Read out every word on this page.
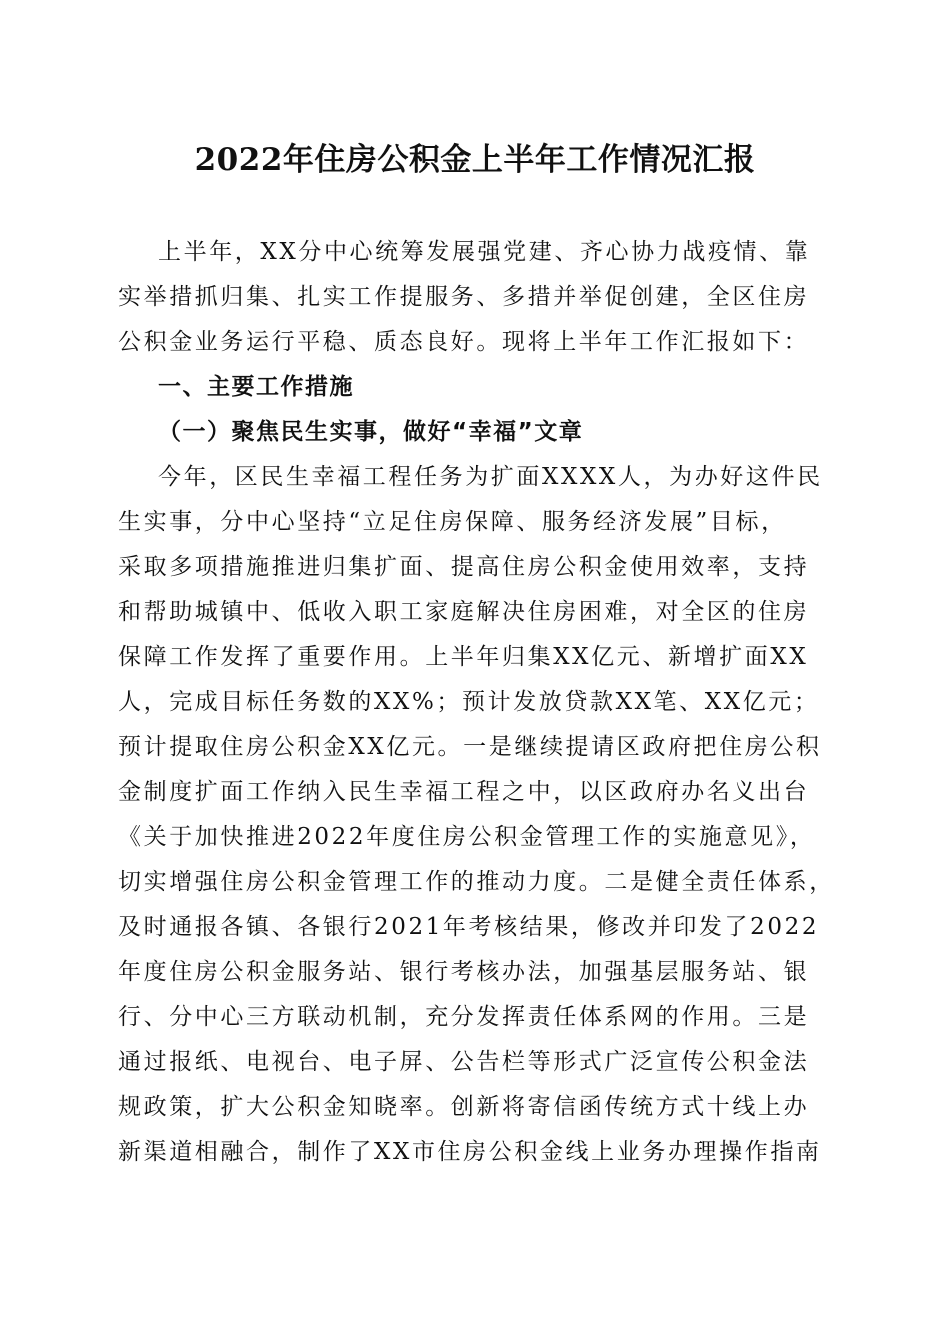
2022年住房公积金上半年工作情况汇报
上半年，XX分中心统筹发展强党建、齐心协力战疫情、靠
实举措抓归集、扎实工作提服务、多措并举促创建，全区住房
公积金业务运行平稳、质态良好。现将上半年工作汇报如下：
一、主要工作措施
（一）聚焦民生实事，做好“幸福”文章
今年，区民生幸福工程任务为扩面XXXX人，为办好这件民
生实事，分中心坚持“立足住房保障、服务经济发展”目标，
采取多项措施推进归集扩面、提高住房公积金使用效率，支持
和帮助城镇中、低收入职工家庭解决住房困难，对全区的住房
保障工作发挥了重要作用。上半年归集XX亿元、新增扩面XX
人，完成目标任务数的XX%；预计发放贷款XX笔、XX亿元；
预计提取住房公积金XX亿元。一是继续提请区政府把住房公积
金制度扩面工作纳入民生幸福工程之中，以区政府办名义出台
《关于加快推进2022年度住房公积金管理工作的实施意见》，
切实增强住房公积金管理工作的推动力度。二是健全责任体系，
及时通报各镇、各银行2021年考核结果，修改并印发了2022
年度住房公积金服务站、银行考核办法，加强基层服务站、银
行、分中心三方联动机制，充分发挥责任体系网的作用。三是
通过报纸、电视台、电子屏、公告栏等形式广泛宣传公积金法
规政策，扩大公积金知晓率。创新将寄信函传统方式十线上办
新渠道相融合，制作了XX市住房公积金线上业务办理操作指南
